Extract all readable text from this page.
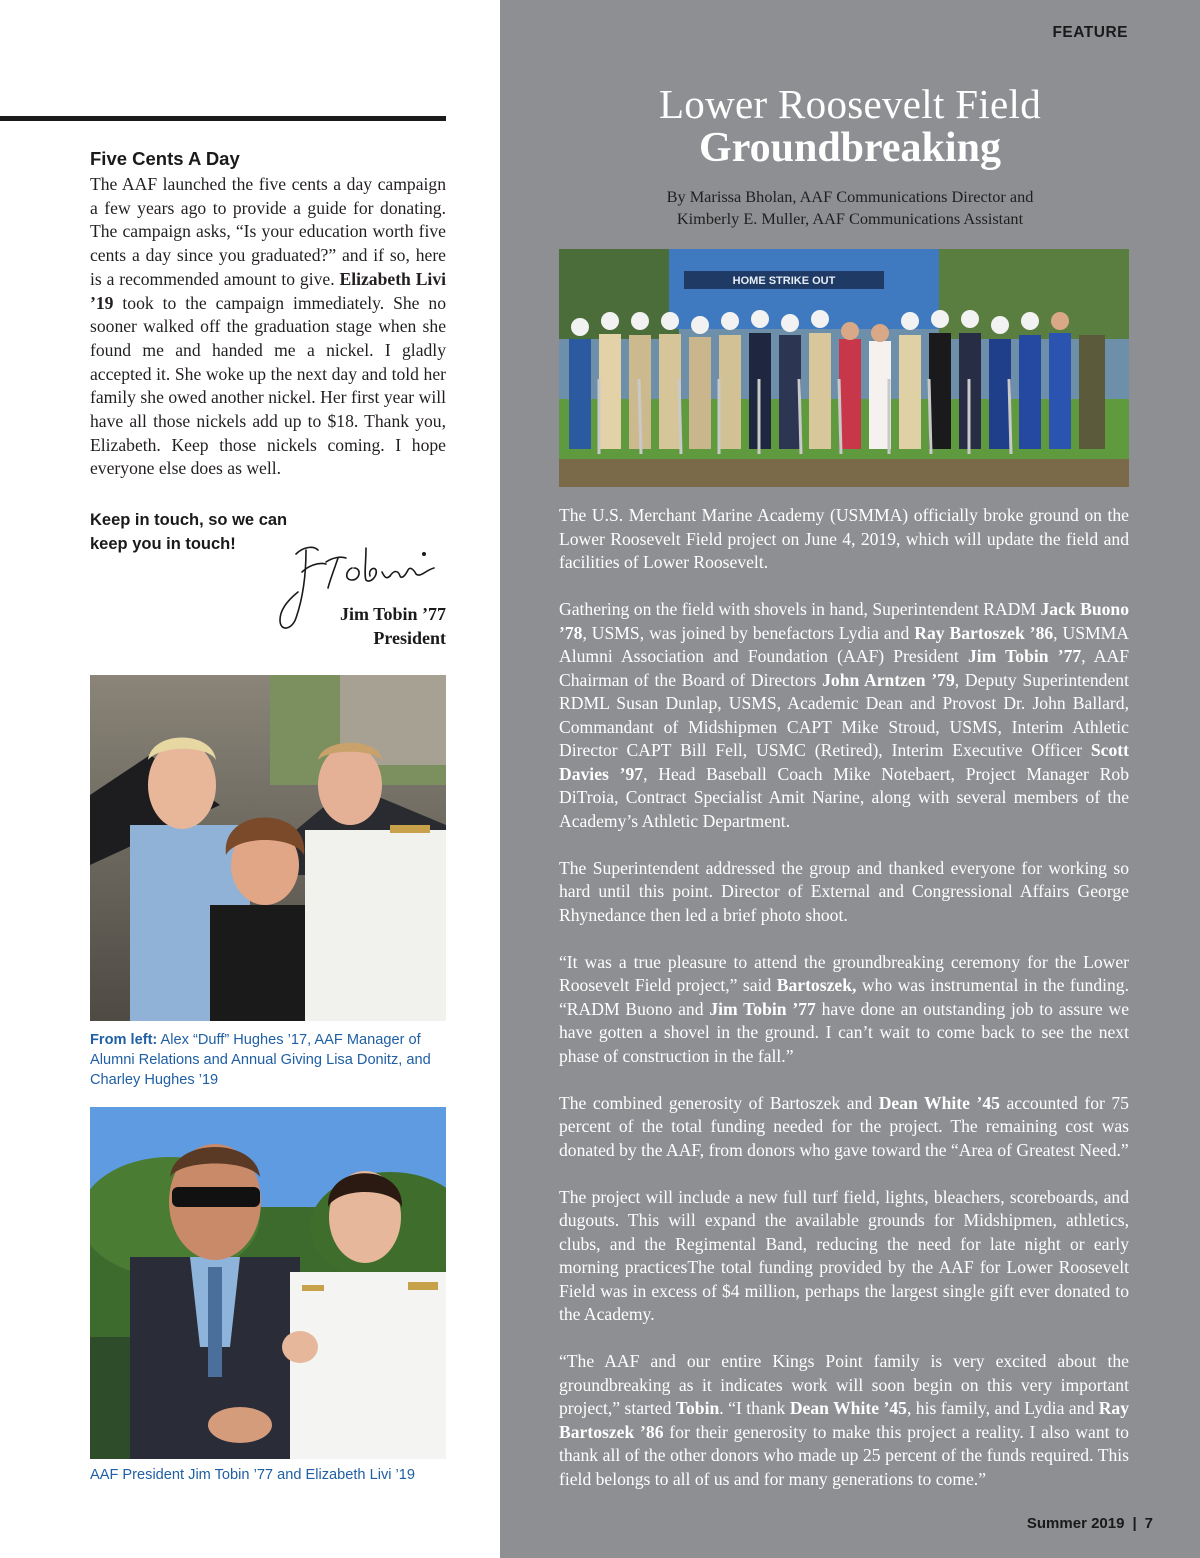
Five Cents A Day
The AAF launched the five cents a day campaign a few years ago to provide a guide for donating. The campaign asks, “Is your education worth five cents a day since you graduated?” and if so, here is a recommended amount to give. Elizabeth Livi ’19 took to the campaign immediately. She no sooner walked off the graduation stage when she found me and handed me a nickel. I gladly accepted it. She woke up the next day and told her family she owed another nickel. Her first year will have all those nickels add up to $18. Thank you, Elizabeth. Keep those nickels coming. I hope everyone else does as well.
Keep in touch, so we can
keep you in touch!
Jim Tobin ’77
President
From left: Alex “Duff” Hughes ’17, AAF Manager of Alumni Relations and Annual Giving Lisa Donitz, and Charley Hughes ’19
AAF President Jim Tobin ’77 and Elizabeth Livi ’19
FEATURE
Lower Roosevelt Field
Groundbreaking
By Marissa Bholan, AAF Communications Director and
Kimberly E. Muller, AAF Communications Assistant
HOME STRIKE OUT

The U.S. Merchant Marine Academy (USMMA) officially broke ground on the Lower Roosevelt Field project on June 4, 2019, which will update the field and facilities of Lower Roosevelt.

Gathering on the field with shovels in hand, Superintendent RADM Jack Buono ’78, USMS, was joined by benefactors Lydia and Ray Bartoszek ’86, USMMA Alumni Association and Foundation (AAF) President Jim Tobin ’77, AAF Chairman of the Board of Directors John Arntzen ’79, Deputy Superintendent RDML Susan Dunlap, USMS, Academic Dean and Provost Dr. John Ballard, Commandant of Midshipmen CAPT Mike Stroud, USMS, Interim Athletic Director CAPT Bill Fell, USMC (Retired), Interim Executive Officer Scott Davies ’97, Head Baseball Coach Mike Notebaert, Project Manager Rob DiTroia, Contract Specialist Amit Narine, along with several members of the Academy’s Athletic Department.

The Superintendent addressed the group and thanked everyone for working so hard until this point. Director of External and Congressional Affairs George Rhynedance then led a brief photo shoot.

“It was a true pleasure to attend the groundbreaking ceremony for the Lower Roosevelt Field project,” said Bartoszek, who was instrumental in the funding. “RADM Buono and Jim Tobin ’77 have done an outstanding job to assure we have gotten a shovel in the ground. I can’t wait to come back to see the next phase of construction in the fall.”

The combined generosity of Bartoszek and Dean White ’45 accounted for 75 percent of the total funding needed for the project. The remaining cost was donated by the AAF, from donors who gave toward the “Area of Greatest Need.”

The project will include a new full turf field, lights, bleachers, scoreboards, and dugouts. This will expand the available grounds for Midshipmen, athletics, clubs, and the Regimental Band, reducing the need for late night or early morning practicesThe total funding provided by the AAF for Lower Roosevelt Field was in excess of $4 million, perhaps the largest single gift ever donated to the Academy.

“The AAF and our entire Kings Point family is very excited about the groundbreaking as it indicates work will soon begin on this very important project,” started Tobin. “I thank Dean White ’45, his family, and Lydia and Ray Bartoszek ’86 for their generosity to make this project a reality. I also want to thank all of the other donors who made up 25 percent of the funds required. This field belongs to all of us and for many generations to come.”

Summer 2019 | 7
